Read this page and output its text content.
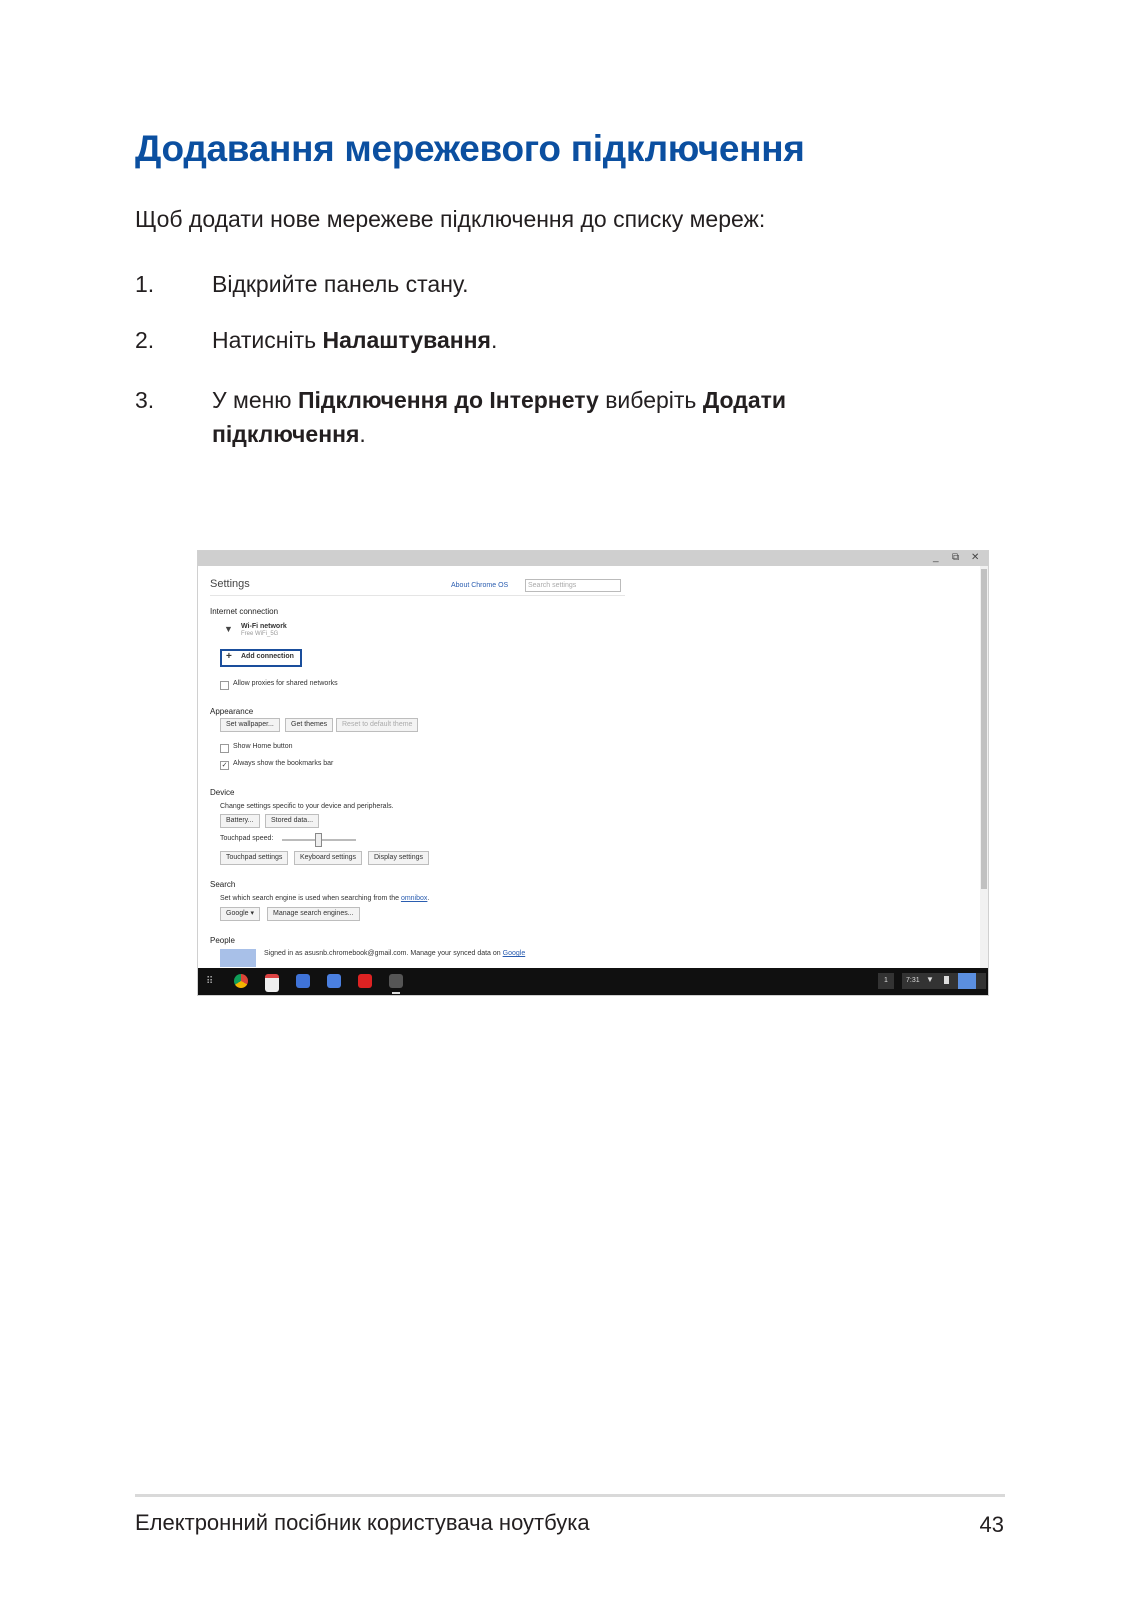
Додавання мережевого підключення

Щоб додати нове мережеве підключення до списку мереж:

1.	Відкрийте панель стану.
2.	Натисніть Налаштування.
3.	У меню Підключення до Інтернету виберіть Додати підключення.
_ ⧉ ✕
Settings	About Chrome OS	Search settings
Internet connection
▼ Wi-Fi network
Free WiFi_5G
+ Add connection
Allow proxies for shared networks
Appearance
Set wallpaper...	Get themes	Reset to default theme
Show Home button
✓ Always show the bookmarks bar
Device
Change settings specific to your device and peripherals.
Battery...	Stored data...
Touchpad speed:
Touchpad settings	Keyboard settings	Display settings
Search
Set which search engine is used when searching from the omnibox.
Google ▾	Manage search engines...
People
Signed in as asusnb.chromebook@gmail.com. Manage your synced data on Google
⠿	1	7:31 ▼
Електронний посібник користувача ноутбука	43
